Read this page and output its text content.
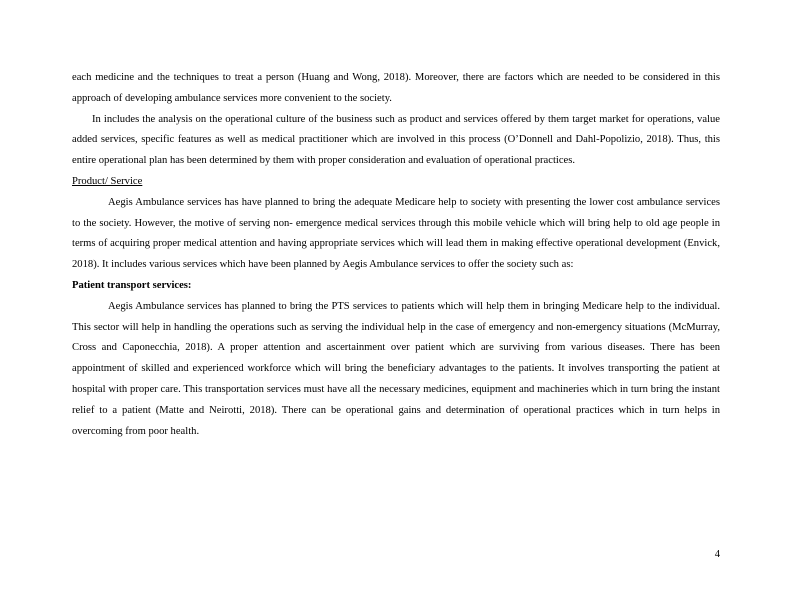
each medicine and the techniques to treat a person (Huang and Wong, 2018). Moreover, there are factors which are needed to be considered in this approach of developing ambulance services more convenient to the society.

In includes the analysis on the operational culture of the business such as product and services offered by them target market for operations, value added services, specific features as well as medical practitioner which are involved in this process (O’Donnell and Dahl-Popolizio, 2018). Thus, this entire operational plan has been determined by them with proper consideration and evaluation of operational practices.

Product/ Service

Aegis Ambulance services has have planned to bring the adequate Medicare help to society with presenting the lower cost ambulance services to the society. However, the motive of serving non- emergence medical services through this mobile vehicle which will bring help to old age people in terms of acquiring proper medical attention and having appropriate services which will lead them in making effective operational development (Envick, 2018). It includes various services which have been planned by Aegis Ambulance services to offer the society such as:

Patient transport services:

Aegis Ambulance services has planned to bring the PTS services to patients which will help them in bringing Medicare help to the individual. This sector will help in handling the operations such as serving the individual help in the case of emergency and non-emergency situations (McMurray, Cross and Caponecchia, 2018). A proper attention and ascertainment over patient which are surviving from various diseases. There has been appointment of skilled and experienced workforce which will bring the beneficiary advantages to the patients. It involves transporting the patient at hospital with proper care. This transportation services must have all the necessary medicines, equipment and machineries which in turn bring the instant relief to a patient (Matte and Neirotti, 2018). There can be operational gains and determination of operational practices which in turn helps in overcoming from poor health.

4
